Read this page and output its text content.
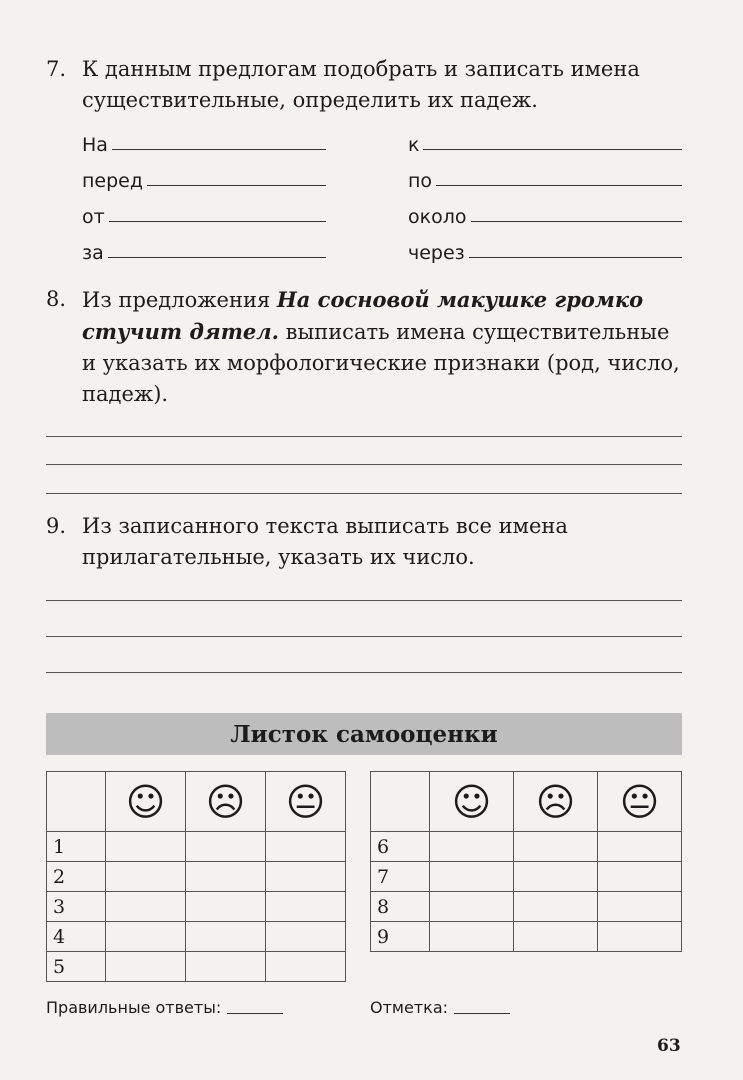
7. К данным предлогам подобрать и записать имена существительные, определить их падеж.
На	к
перед	по
от	около
за	через
8. Из предложения На сосновой макушке громко стучит дятел. выписать имена существительные и указать их морфологические признаки (род, число, падеж).
9. Из записанного текста выписать все имена прилагательные, указать их число.
Листок самооценки
	☺	☹	😐
1			
2			
3			
4			
5			
	☺	☹	😐
6			
7			
8			
9			
Правильные ответы:	Отметка:
63
